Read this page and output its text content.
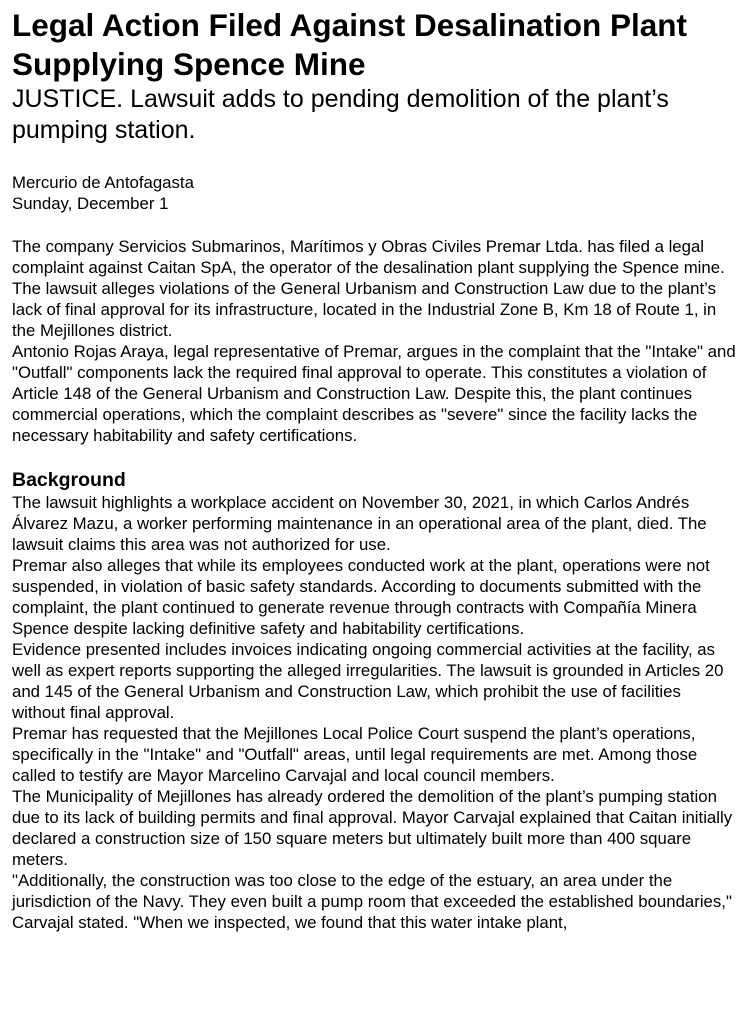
Legal Action Filed Against Desalination Plant Supplying Spence Mine
JUSTICE. Lawsuit adds to pending demolition of the plant’s pumping station.
Mercurio de Antofagasta
Sunday, December 1

The company Servicios Submarinos, Marítimos y Obras Civiles Premar Ltda. has filed a legal complaint against Caitan SpA, the operator of the desalination plant supplying the Spence mine. The lawsuit alleges violations of the General Urbanism and Construction Law due to the plant’s lack of final approval for its infrastructure, located in the Industrial Zone B, Km 18 of Route 1, in the Mejillones district.

Antonio Rojas Araya, legal representative of Premar, argues in the complaint that the "Intake" and "Outfall" components lack the required final approval to operate. This constitutes a violation of Article 148 of the General Urbanism and Construction Law. Despite this, the plant continues commercial operations, which the complaint describes as "severe" since the facility lacks the necessary habitability and safety certifications.

Background

The lawsuit highlights a workplace accident on November 30, 2021, in which Carlos Andrés Álvarez Mazu, a worker performing maintenance in an operational area of the plant, died. The lawsuit claims this area was not authorized for use.

Premar also alleges that while its employees conducted work at the plant, operations were not suspended, in violation of basic safety standards. According to documents submitted with the complaint, the plant continued to generate revenue through contracts with Compañía Minera Spence despite lacking definitive safety and habitability certifications.

Evidence presented includes invoices indicating ongoing commercial activities at the facility, as well as expert reports supporting the alleged irregularities. The lawsuit is grounded in Articles 20 and 145 of the General Urbanism and Construction Law, which prohibit the use of facilities without final approval.

Premar has requested that the Mejillones Local Police Court suspend the plant’s operations, specifically in the "Intake" and "Outfall" areas, until legal requirements are met. Among those called to testify are Mayor Marcelino Carvajal and local council members.

The Municipality of Mejillones has already ordered the demolition of the plant’s pumping station due to its lack of building permits and final approval. Mayor Carvajal explained that Caitan initially declared a construction size of 150 square meters but ultimately built more than 400 square meters.

"Additionally, the construction was too close to the edge of the estuary, an area under the jurisdiction of the Navy. They even built a pump room that exceeded the established boundaries," Carvajal stated. "When we inspected, we found that this water intake plant,
